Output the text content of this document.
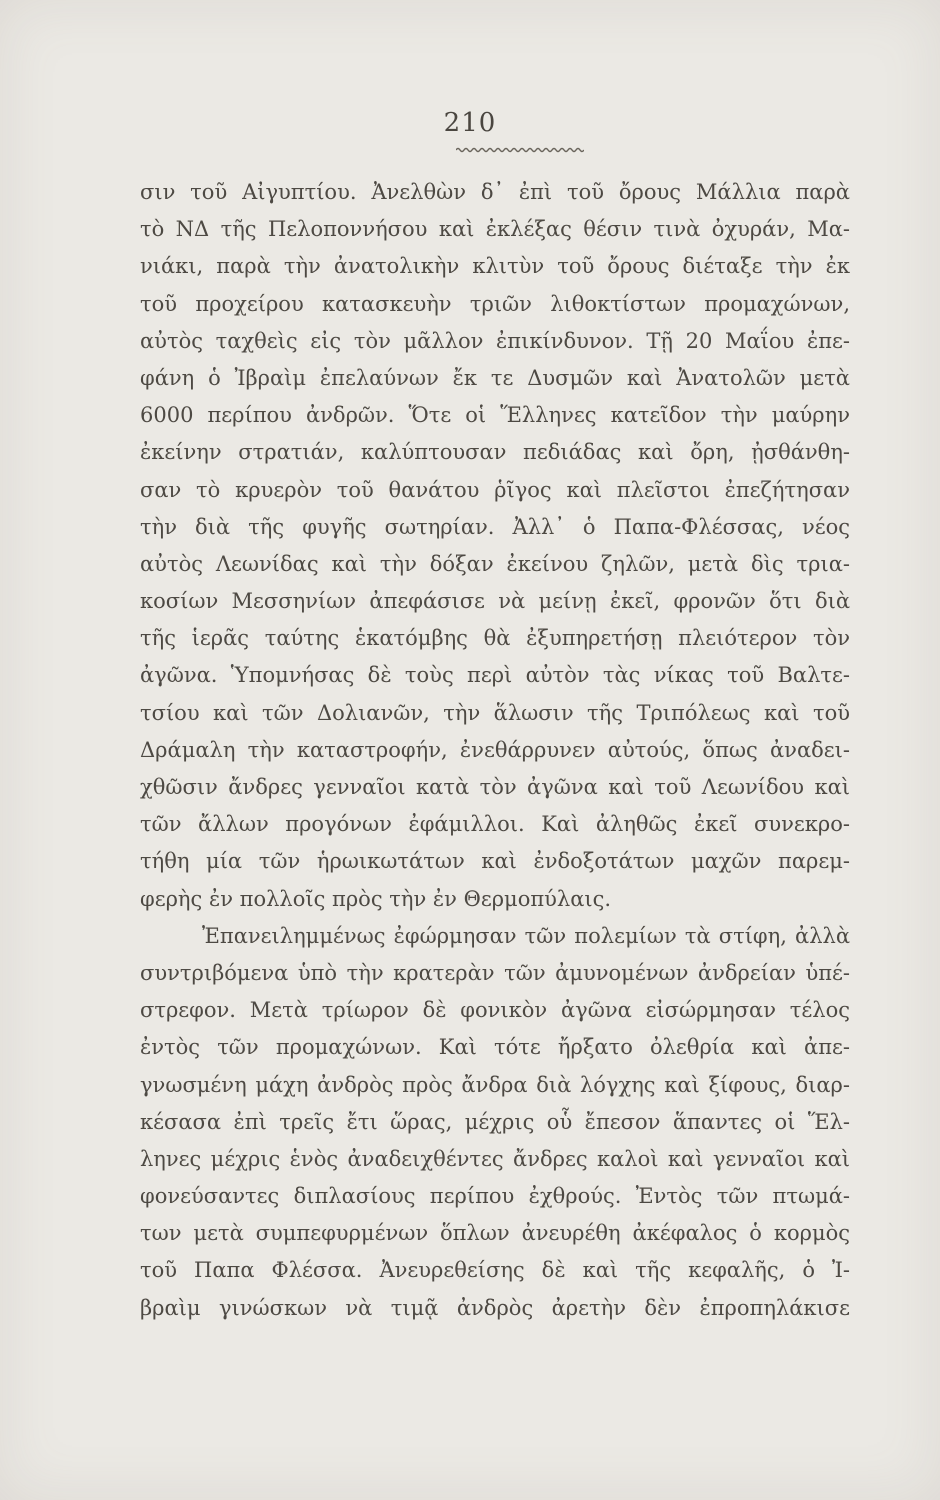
210
σιν τοῦ Αἰγυπτίου. Ἀνελθὼν δ᾽ ἐπὶ τοῦ ὄρους Μάλλια παρὰ
τὸ ΝΔ τῆς Πελοποννήσου καὶ ἐκλέξας θέσιν τινὰ ὀχυράν, Μα-
νιάκι, παρὰ τὴν ἀνατολικὴν κλιτὺν τοῦ ὄρους διέταξε τὴν ἐκ
τοῦ προχείρου κατασκευὴν τριῶν λιθοκτίστων προμαχώνων,
αὐτὸς ταχθεὶς εἰς τὸν μᾶλλον ἐπικίνδυνον. Τῇ 20 Μαΐου ἐπε-
φάνη ὁ Ἰβραὶμ ἐπελαύνων ἔκ τε Δυσμῶν καὶ Ἀνατολῶν μετὰ
6000 περίπου ἀνδρῶν. Ὅτε οἱ Ἕλληνες κατεῖδον τὴν μαύρην
ἐκείνην στρατιάν, καλύπτουσαν πεδιάδας καὶ ὄρη, ᾐσθάνθη-
σαν τὸ κρυερὸν τοῦ θανάτου ῥῖγος καὶ πλεῖστοι ἐπεζήτησαν
τὴν διὰ τῆς φυγῆς σωτηρίαν. Ἀλλ᾽ ὁ Παπα-Φλέσσας, νέος
αὐτὸς Λεωνίδας καὶ τὴν δόξαν ἐκείνου ζηλῶν, μετὰ δὶς τρια-
κοσίων Μεσσηνίων ἀπεφάσισε νὰ μείνῃ ἐκεῖ, φρονῶν ὅτι διὰ
τῆς ἱερᾶς ταύτης ἑκατόμβης θὰ ἐξυπηρετήσῃ πλειότερον τὸν
ἀγῶνα. Ὑπομνήσας δὲ τοὺς περὶ αὐτὸν τὰς νίκας τοῦ Βαλτε-
τσίου καὶ τῶν Δολιανῶν, τὴν ἅλωσιν τῆς Τριπόλεως καὶ τοῦ
Δράμαλη τὴν καταστροφήν, ἐνεθάρρυνεν αὐτούς, ὅπως ἀναδει-
χθῶσιν ἄνδρες γενναῖοι κατὰ τὸν ἀγῶνα καὶ τοῦ Λεωνίδου καὶ
τῶν ἄλλων προγόνων ἐφάμιλλοι. Καὶ ἀληθῶς ἐκεῖ συνεκρο-
τήθη μία τῶν ἡρωικωτάτων καὶ ἐνδοξοτάτων μαχῶν παρεμ-
φερὴς ἐν πολλοῖς πρὸς τὴν ἐν Θερμοπύλαις.
Ἐπανειλημμένως ἐφώρμησαν τῶν πολεμίων τὰ στίφη, ἀλλὰ
συντριβόμενα ὑπὸ τὴν κρατερὰν τῶν ἀμυνομένων ἀνδρείαν ὑπέ-
στρεφον. Μετὰ τρίωρον δὲ φονικὸν ἀγῶνα εἰσώρμησαν τέλος
ἐντὸς τῶν προμαχώνων. Καὶ τότε ἤρξατο ὀλεθρία καὶ ἀπε-
γνωσμένη μάχη ἀνδρὸς πρὸς ἄνδρα διὰ λόγχης καὶ ξίφους, διαρ-
κέσασα ἐπὶ τρεῖς ἔτι ὥρας, μέχρις οὗ ἔπεσον ἅπαντες οἱ Ἕλ-
ληνες μέχρις ἑνὸς ἀναδειχθέντες ἄνδρες καλοὶ καὶ γενναῖοι καὶ
φονεύσαντες διπλασίους περίπου ἐχθρούς. Ἐντὸς τῶν πτωμά-
των μετὰ συμπεφυρμένων ὅπλων ἀνευρέθη ἀκέφαλος ὁ κορμὸς
τοῦ Παπα Φλέσσα. Ἀνευρεθείσης δὲ καὶ τῆς κεφαλῆς, ὁ Ἰ-
βραὶμ γινώσκων νὰ τιμᾷ ἀνδρὸς ἀρετὴν δὲν ἐπροπηλάκισε
